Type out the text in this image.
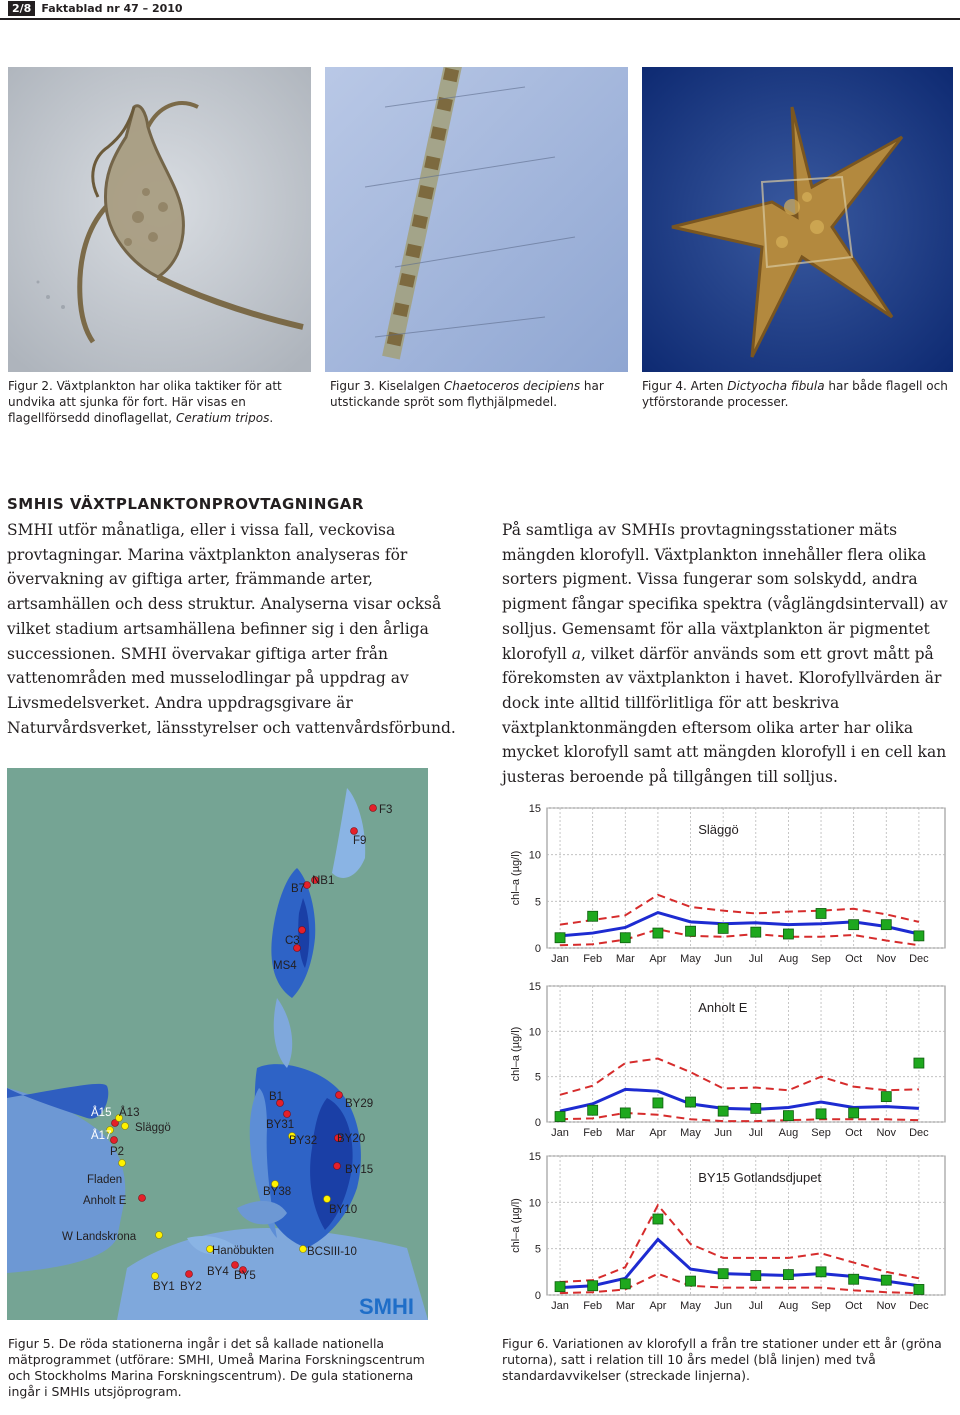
2/8 Faktablad nr 47 – 2010
Figur 2. Växtplankton har olika taktiker för att undvika att sjunka för fort. Här visas en flagellförsedd dinoflagellat, Ceratium tripos.
Figur 3. Kiselalgen Chaetoceros decipiens har utstickande spröt som flythjälpmedel.
Figur 4. Arten Dictyocha fibula har både flagell och ytförstorande processer.
SMHIS VÄXTPLANKTONPROVTAGNINGAR
SMHI utför månatliga, eller i vissa fall, veckovisa provtagningar. Marina växtplankton analyseras för övervakning av giftiga arter, främmande arter, artsamhällen och dess struktur. Analyserna visar också vilket stadium artsamhällena befinner sig i den årliga successionen. SMHI övervakar giftiga arter från vattenområden med musselodlingar på uppdrag av Livsmedelsverket. Andra uppdragsgivare är Naturvårdsverket, länsstyrelser och vattenvårdsförbund.
På samtliga av SMHIs provtagningsstationer mäts mängden klorofyll. Växtplankton innehåller flera olika sorters pigment. Vissa fungerar som solskydd, andra pigment fångar specifika spektra (våglängdsintervall) av solljus. Gemensamt för alla växtplankton är pigmentet klorofyll a, vilket därför används som ett grovt mått på förekomsten av växtplankton i havet. Klorofyllvärden är dock inte alltid tillförlitliga för att beskriva växtplanktonmängden eftersom olika arter har olika mycket klorofyll samt att mängden klorofyll i en cell kan justeras beroende på tillgången till solljus.
SMHI
F3
F9
B7
NB1
C3
MS4
Å15 Å13
Å17
Släggö
P2
Fladen
Anholt E
W Landskrona
B1
BY29
BY31
BY32 BY20
BY15
BY38
BY10
Hanöbukten	BCSIII-10
BY4 BY5
BY1 BY2
0
5
10
15
Jan Feb Mar Apr May Jun Jul Aug Sep Oct Nov Dec
chl–a (µg/l)
Släggö
0
5
10
15
Jan Feb Mar Apr May Jun Jul Aug Sep Oct Nov Dec
chl–a (µg/l)
Anholt E
0
5
10
15
Jan Feb Mar Apr May Jun Jul Aug Sep Oct Nov Dec
chl–a (µg/l)
BY15 Gotlandsdjupet
Figur 5. De röda stationerna ingår i det så kallade nationella mätprogrammet (utförare: SMHI, Umeå Marina Forskningscentrum och Stockholms Marina Forskningscentrum). De gula stationerna ingår i SMHIs utsjöprogram.
Figur 6. Variationen av klorofyll a från tre stationer under ett år (gröna rutorna), satt i relation till 10 års medel (blå linjen) med två standardavvikelser (streckade linjerna).
